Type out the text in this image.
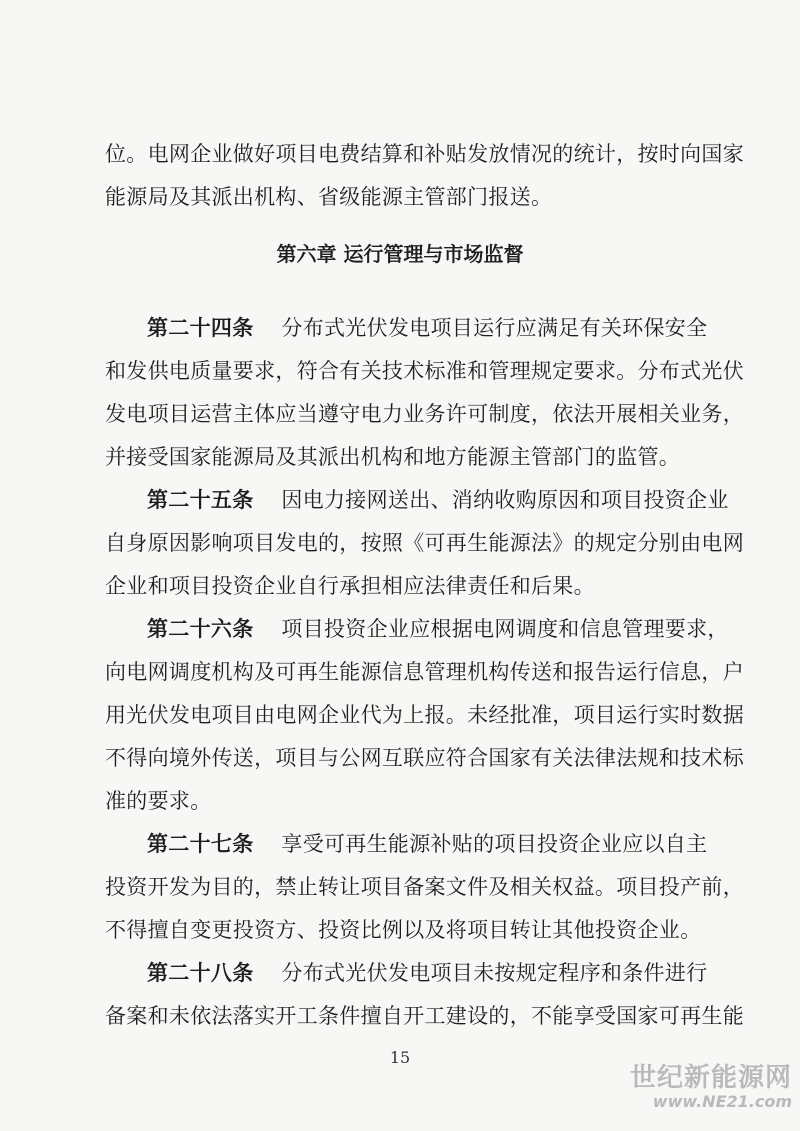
位。电网企业做好项目电费结算和补贴发放情况的统计，按时向国家
能源局及其派出机构、省级能源主管部门报送。
第六章 运行管理与市场监督
第二十四条 分布式光伏发电项目运行应满足有关环保安全
和发供电质量要求，符合有关技术标准和管理规定要求。分布式光伏
发电项目运营主体应当遵守电力业务许可制度，依法开展相关业务，
并接受国家能源局及其派出机构和地方能源主管部门的监管。
第二十五条 因电力接网送出、消纳收购原因和项目投资企业
自身原因影响项目发电的，按照《可再生能源法》的规定分别由电网
企业和项目投资企业自行承担相应法律责任和后果。
第二十六条 项目投资企业应根据电网调度和信息管理要求，
向电网调度机构及可再生能源信息管理机构传送和报告运行信息，户
用光伏发电项目由电网企业代为上报。未经批准，项目运行实时数据
不得向境外传送，项目与公网互联应符合国家有关法律法规和技术标
准的要求。
第二十七条 享受可再生能源补贴的项目投资企业应以自主
投资开发为目的，禁止转让项目备案文件及相关权益。项目投产前，
不得擅自变更投资方、投资比例以及将项目转让其他投资企业。
第二十八条 分布式光伏发电项目未按规定程序和条件进行
备案和未依法落实开工条件擅自开工建设的，不能享受国家可再生能
15
世纪新能源网
www.NE21.com
